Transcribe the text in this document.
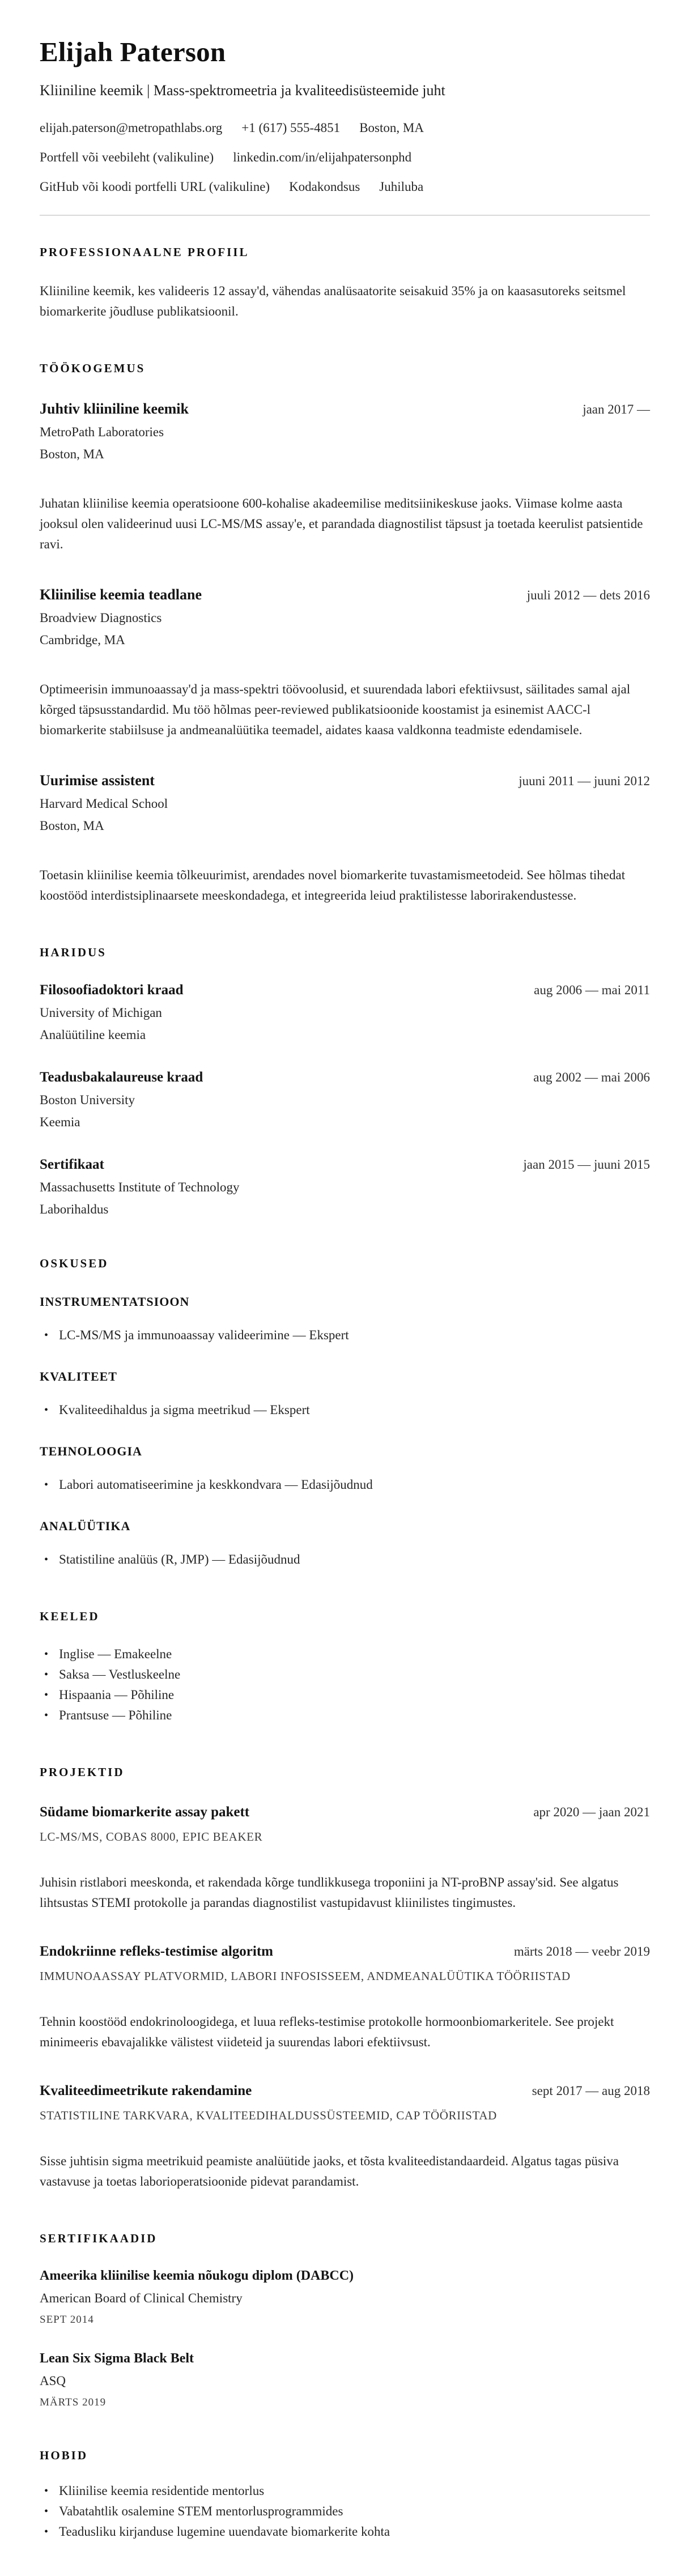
Elijah Paterson

Kliiniline keemik | Mass-spektromeetria ja kvaliteedisüsteemide juht

elijah.paterson@metropathlabs.org +1 (617) 555-4851 Boston, MA
Portfell või veebileht (valikuline) linkedin.com/in/elijahpatersonphd
GitHub või koodi portfelli URL (valikuline) Kodakondsus Juhiluba
PROFESSIONAALNE PROFIIL

Kliiniline keemik, kes valideeris 12 assay'd, vähendas analüsaatorite seisakuid 35% ja on kaasasutoreks seitsmel biomarkerite jõudluse publikatsioonil.

TÖÖKOGEMUS
Juhtiv kliiniline keemik	jaan 2017 —

MetroPath Laboratories

Boston, MA

Juhatan kliinilise keemia operatsioone 600-kohalise akadeemilise meditsiinikeskuse jaoks. Viimase kolme aasta jooksul olen valideerinud uusi LC-MS/MS assay'e, et parandada diagnostilist täpsust ja toetada keerulist patsientide ravi.

Kliinilise keemia teadlane	juuli 2012 — dets 2016

Broadview Diagnostics

Cambridge, MA

Optimeerisin immunoaassay'd ja mass-spektri töövoolusid, et suurendada labori efektiivsust, säilitades samal ajal kõrged täpsusstandardid. Mu töö hõlmas peer-reviewed publikatsioonide koostamist ja esinemist AACC-l biomarkerite stabiilsuse ja andmeanalüütika teemadel, aidates kaasa valdkonna teadmiste edendamisele.

Uurimise assistent	juuni 2011 — juuni 2012

Harvard Medical School

Boston, MA

Toetasin kliinilise keemia tõlkeuurimist, arendades novel biomarkerite tuvastamismeetodeid. See hõlmas tihedat koostööd interdistsiplinaarsete meeskondadega, et integreerida leiud praktilistesse laborirakendustesse.

HARIDUS
Filosoofiadoktori kraad	aug 2006 — mai 2011

University of Michigan

Analüütiline keemia

Teadusbakalaureuse kraad	aug 2002 — mai 2006

Boston University

Keemia

Sertifikaat	jaan 2015 — juuni 2015

Massachusetts Institute of Technology

Laborihaldus

OSKUSED
INSTRUMENTATSIOON
• LC-MS/MS ja immunoaassay valideerimine — Ekspert
KVALITEET
• Kvaliteedihaldus ja sigma meetrikud — Ekspert
TEHNOLOOGIA
• Labori automatiseerimine ja keskkondvara — Edasijõudnud
ANALÜÜTIKA
• Statistiline analüüs (R, JMP) — Edasijõudnud
KEELED
• Inglise — Emakeelne
• Saksa — Vestluskeelne
• Hispaania — Põhiline
• Prantsuse — Põhiline
PROJEKTID
Südame biomarkerite assay pakett	apr 2020 — jaan 2021

LC-MS/MS, COBAS 8000, EPIC BEAKER

Juhisin ristlabori meeskonda, et rakendada kõrge tundlikkusega troponiini ja NT-proBNP assay'sid. See algatus lihtsustas STEMI protokolle ja parandas diagnostilist vastupidavust kliinilistes tingimustes.

Endokriinne refleks-testimise algoritm	märts 2018 — veebr 2019

IMMUNOAASSAY PLATVORMID, LABORI INFOSISSEEM, ANDMEANALÜÜTIKA TÖÖRIISTAD

Tehnin koostööd endokrinoloogidega, et luua refleks-testimise protokolle hormoonbiomarkeritele. See projekt minimeeris ebavajalikke välistest viideteid ja suurendas labori efektiivsust.

Kvaliteedimeetrikute rakendamine	sept 2017 — aug 2018

STATISTILINE TARKVARA, KVALITEEDIHALDUSSÜSTEEMID, CAP TÖÖRIISTAD

Sisse juhtisin sigma meetrikuid peamiste analüütide jaoks, et tõsta kvaliteedistandaardeid. Algatus tagas püsiva vastavuse ja toetas laborioperatsioonide pidevat parandamist.

SERTIFIKAADID
Ameerika kliinilise keemia nõukogu diplom (DABCC)

American Board of Clinical Chemistry

SEPT 2014

Lean Six Sigma Black Belt

ASQ

MÄRTS 2019

HOBID
• Kliinilise keemia residentide mentorlus
• Vabatahtlik osalemine STEM mentorlusprogrammides
• Teadusliku kirjanduse lugemine uuendavate biomarkerite kohta
